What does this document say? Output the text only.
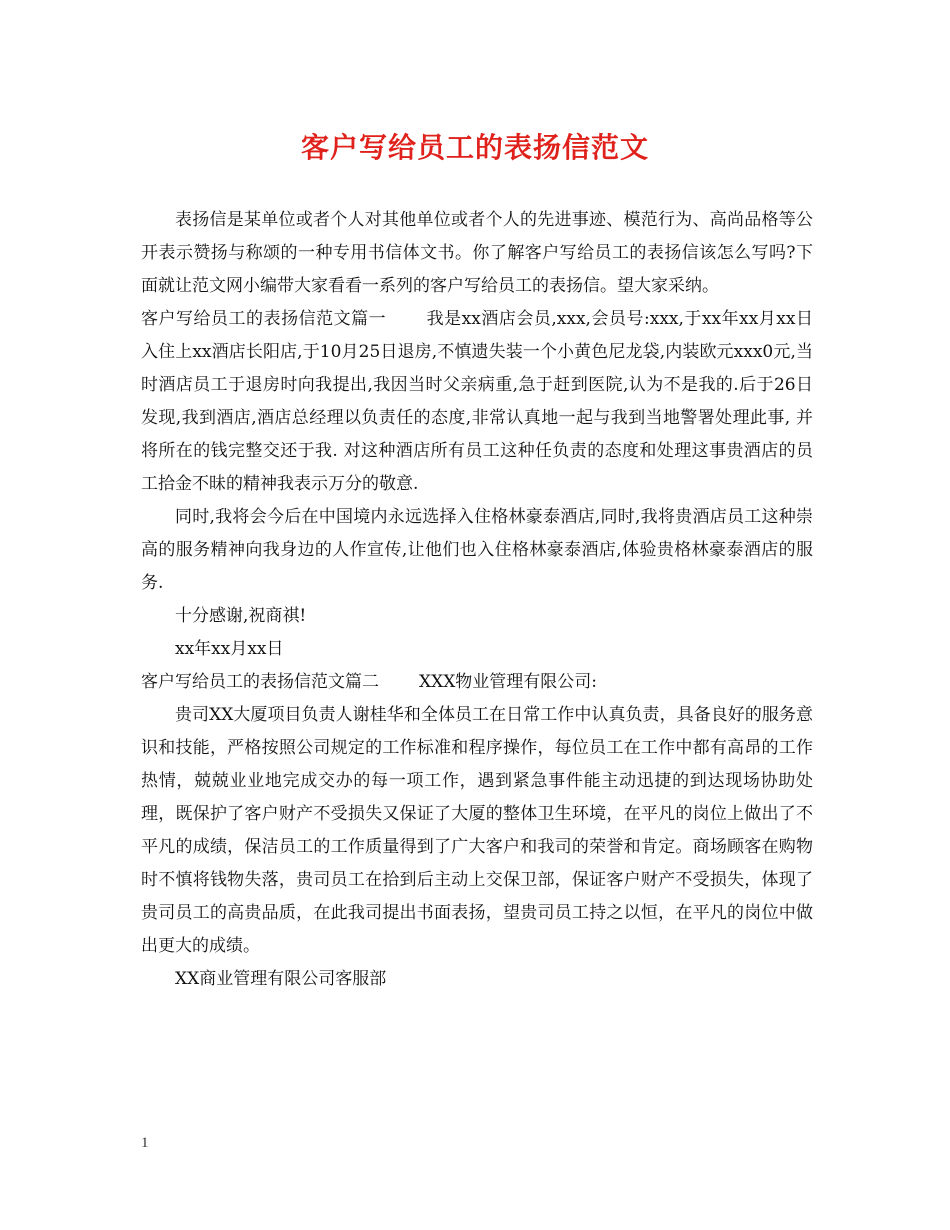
客户写给员工的表扬信范文

表扬信是某单位或者个人对其他单位或者个人的先进事迹、模范行为、高尚品格等公开表示赞扬与称颂的一种专用书信体文书。你了解客户写给员工的表扬信该怎么写吗?下面就让范文网小编带大家看看一系列的客户写给员工的表扬信。望大家采纳。

客户写给员工的表扬信范文篇一 我是xx酒店会员,xxx,会员号:xxx,于xx年xx月xx日入住上xx酒店长阳店,于10月25日退房,不慎遗失装一个小黄色尼龙袋,内装欧元xxx0元,当时酒店员工于退房时向我提出,我因当时父亲病重,急于赶到医院,认为不是我的.后于26日发现,我到酒店,酒店总经理以负责任的态度,非常认真地一起与我到当地警署处理此事, 并将所在的钱完整交还于我. 对这种酒店所有员工这种任负责的态度和处理这事贵酒店的员工拾金不昧的精神我表示万分的敬意.

同时,我将会今后在中国境内永远选择入住格林豪泰酒店,同时,我将贵酒店员工这种崇高的服务精神向我身边的人作宣传,让他们也入住格林豪泰酒店,体验贵格林豪泰酒店的服务.

十分感谢,祝商祺!

xx年xx月xx日

客户写给员工的表扬信范文篇二 XXX物业管理有限公司:

贵司XX大厦项目负责人谢桂华和全体员工在日常工作中认真负责，具备良好的服务意识和技能，严格按照公司规定的工作标准和程序操作，每位员工在工作中都有高昂的工作热情，兢兢业业地完成交办的每一项工作，遇到紧急事件能主动迅捷的到达现场协助处理，既保护了客户财产不受损失又保证了大厦的整体卫生环境，在平凡的岗位上做出了不平凡的成绩，保洁员工的工作质量得到了广大客户和我司的荣誉和肯定。商场顾客在购物时不慎将钱物失落，贵司员工在拾到后主动上交保卫部，保证客户财产不受损失，体现了贵司员工的高贵品质，在此我司提出书面表扬，望贵司员工持之以恒，在平凡的岗位中做出更大的成绩。

XX商业管理有限公司客服部

1
